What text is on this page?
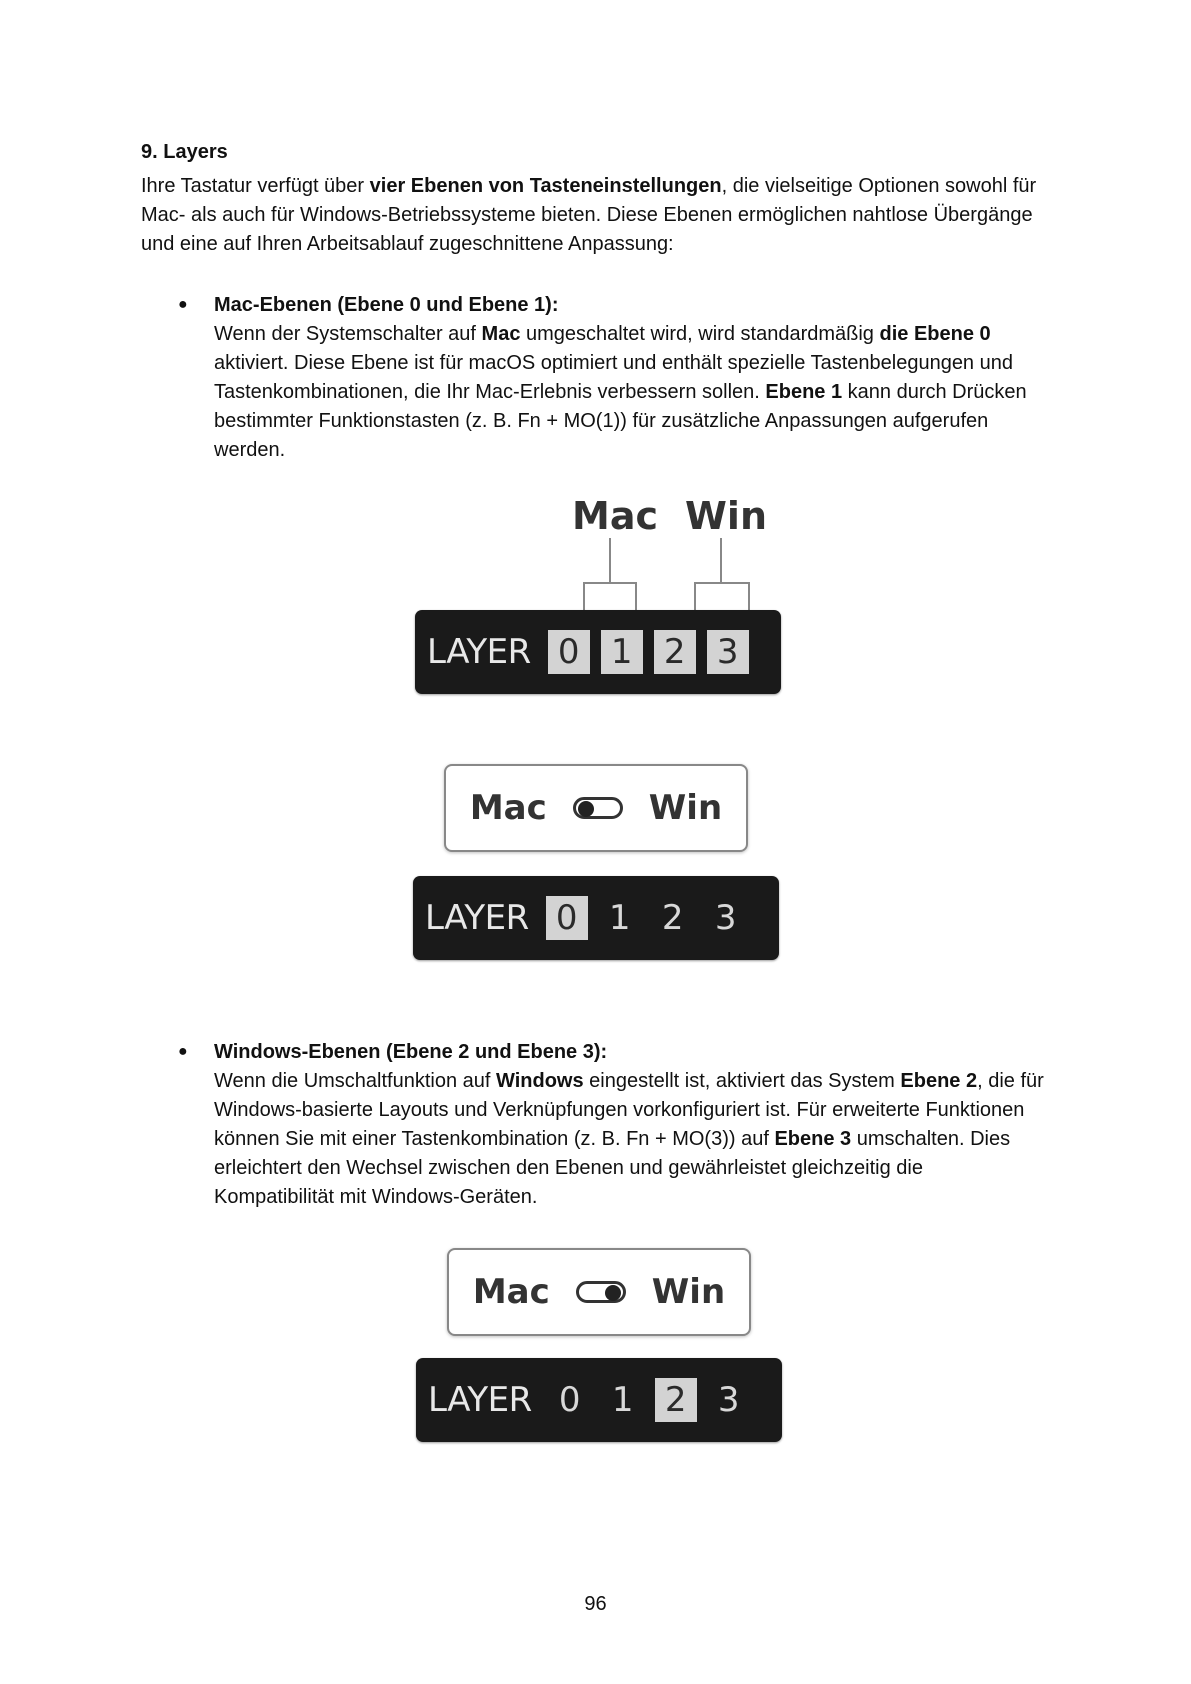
9. Layers
Ihre Tastatur verfügt über vier Ebenen von Tasteneinstellungen, die vielseitige Optionen sowohl für Mac- als auch für Windows-Betriebssysteme bieten. Diese Ebenen ermöglichen nahtlose Übergänge und eine auf Ihren Arbeitsablauf zugeschnittene Anpassung:
● Mac-Ebenen (Ebene 0 und Ebene 1):
Wenn der Systemschalter auf Mac umgeschaltet wird, wird standardmäßig die Ebene 0 aktiviert. Diese Ebene ist für macOS optimiert und enthält spezielle Tastenbelegungen und Tastenkombinationen, die Ihr Mac-Erlebnis verbessern sollen. Ebene 1 kann durch Drücken bestimmter Funktionstasten (z. B. Fn + MO(1)) für zusätzliche Anpassungen aufgerufen werden.
Mac Win
LAYER 0 1 2 3
Mac	Win
LAYER 0 1 2 3
● Windows-Ebenen (Ebene 2 und Ebene 3):
Wenn die Umschaltfunktion auf Windows eingestellt ist, aktiviert das System Ebene 2, die für Windows-basierte Layouts und Verknüpfungen vorkonfiguriert ist. Für erweiterte Funktionen können Sie mit einer Tastenkombination (z. B. Fn + MO(3)) auf Ebene 3 umschalten. Dies erleichtert den Wechsel zwischen den Ebenen und gewährleistet gleichzeitig die Kompatibilität mit Windows-Geräten.
Mac	Win
LAYER 0 1 2 3
96
